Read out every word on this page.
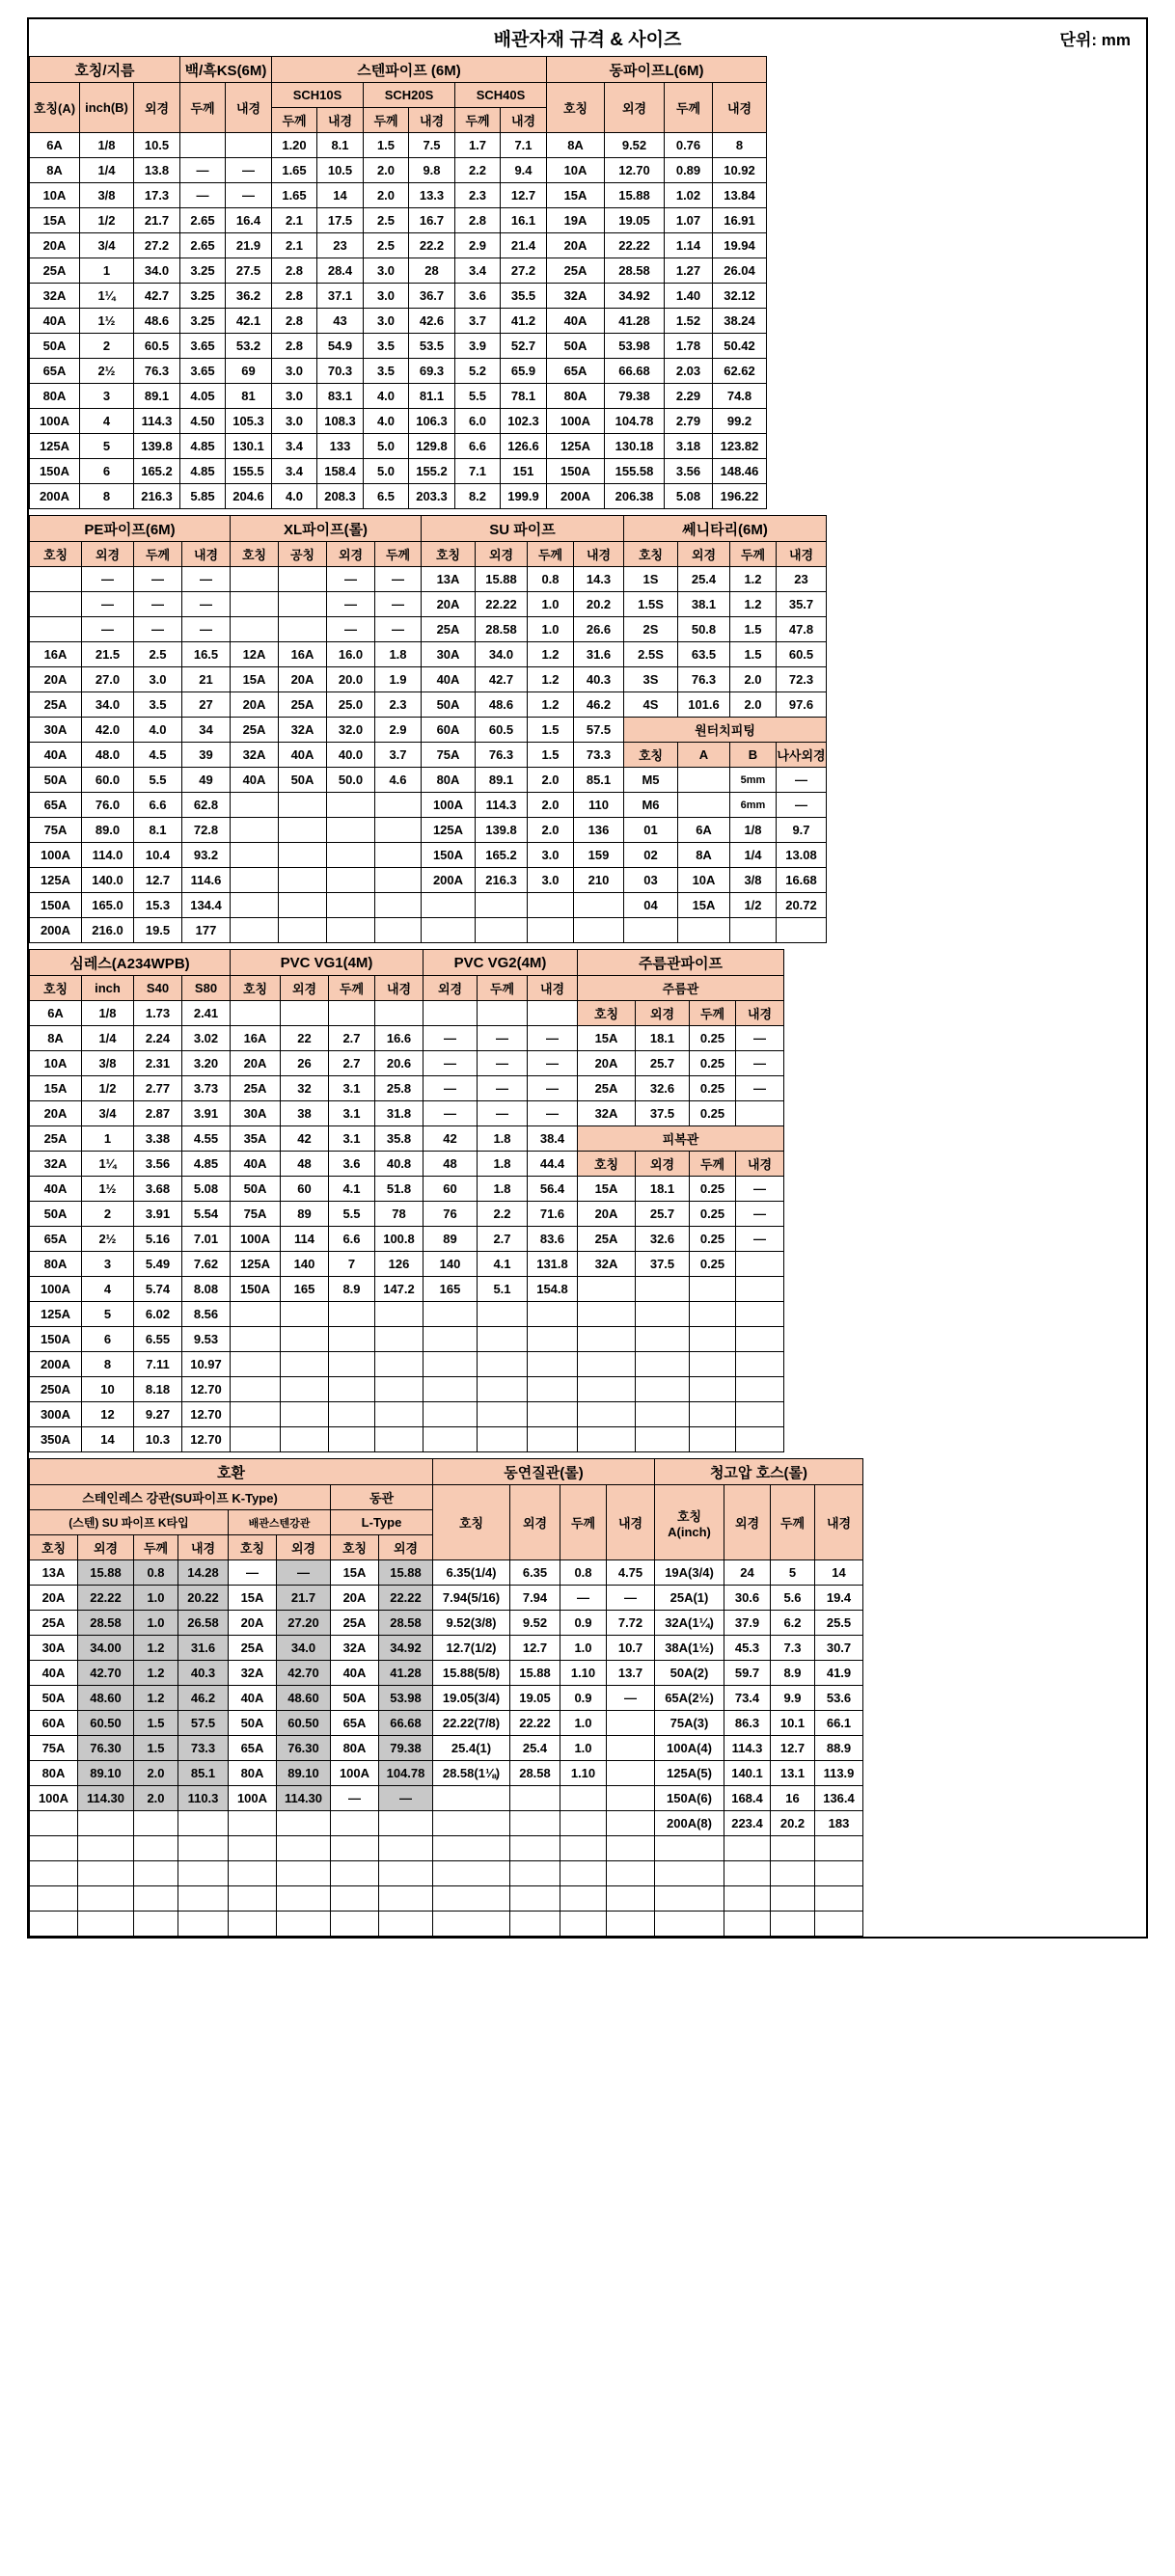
배관자재 규격 & 사이즈	단위: mm
호칭/지름			백/흑KS(6M)		스텐파이프 (6M)						동파이프L(6M)			
호칭(A)	inch(B)	외경	두께	내경	SCH10S		SCH20S		SCH40S		호칭	외경	두께	내경
					두께	내경	두께	내경	두께	내경				
6A	1/8	10.5			1.20	8.1	1.5	7.5	1.7	7.1	8A	9.52	0.76	8
8A	1/4	13.8	—	—	1.65	10.5	2.0	9.8	2.2	9.4	10A	12.70	0.89	10.92
10A	3/8	17.3	—	—	1.65	14	2.0	13.3	2.3	12.7	15A	15.88	1.02	13.84
15A	1/2	21.7	2.65	16.4	2.1	17.5	2.5	16.7	2.8	16.1	19A	19.05	1.07	16.91
20A	3/4	27.2	2.65	21.9	2.1	23	2.5	22.2	2.9	21.4	20A	22.22	1.14	19.94
25A	1	34.0	3.25	27.5	2.8	28.4	3.0	28	3.4	27.2	25A	28.58	1.27	26.04
32A	1¼	42.7	3.25	36.2	2.8	37.1	3.0	36.7	3.6	35.5	32A	34.92	1.40	32.12
40A	1½	48.6	3.25	42.1	2.8	43	3.0	42.6	3.7	41.2	40A	41.28	1.52	38.24
50A	2	60.5	3.65	53.2	2.8	54.9	3.5	53.5	3.9	52.7	50A	53.98	1.78	50.42
65A	2½	76.3	3.65	69	3.0	70.3	3.5	69.3	5.2	65.9	65A	66.68	2.03	62.62
80A	3	89.1	4.05	81	3.0	83.1	4.0	81.1	5.5	78.1	80A	79.38	2.29	74.8
100A	4	114.3	4.50	105.3	3.0	108.3	4.0	106.3	6.0	102.3	100A	104.78	2.79	99.2
125A	5	139.8	4.85	130.1	3.4	133	5.0	129.8	6.6	126.6	125A	130.18	3.18	123.82
150A	6	165.2	4.85	155.5	3.4	158.4	5.0	155.2	7.1	151	150A	155.58	3.56	148.46
200A	8	216.3	5.85	204.6	4.0	208.3	6.5	203.3	8.2	199.9	200A	206.38	5.08	196.22
PE파이프(6M)				XL파이프(롤)				SU 파이프				쎄니타리(6M)			
호칭	외경	두께	내경	호칭	공칭	외경	두께	호칭	외경	두께	내경	호칭	외경	두께	내경
	—	—	—			—	—	13A	15.88	0.8	14.3	1S	25.4	1.2	23
	—	—	—			—	—	20A	22.22	1.0	20.2	1.5S	38.1	1.2	35.7
	—	—	—			—	—	25A	28.58	1.0	26.6	2S	50.8	1.5	47.8
16A	21.5	2.5	16.5	12A	16A	16.0	1.8	30A	34.0	1.2	31.6	2.5S	63.5	1.5	60.5
20A	27.0	3.0	21	15A	20A	20.0	1.9	40A	42.7	1.2	40.3	3S	76.3	2.0	72.3
25A	34.0	3.5	27	20A	25A	25.0	2.3	50A	48.6	1.2	46.2	4S	101.6	2.0	97.6
30A	42.0	4.0	34	25A	32A	32.0	2.9	60A	60.5	1.5	57.5	원터치피팅			
40A	48.0	4.5	39	32A	40A	40.0	3.7	75A	76.3	1.5	73.3	호칭	A	B	나사외경
50A	60.0	5.5	49	40A	50A	50.0	4.6	80A	89.1	2.0	85.1	M5		5mm	—
65A	76.0	6.6	62.8					100A	114.3	2.0	110	M6		6mm	—
75A	89.0	8.1	72.8					125A	139.8	2.0	136	01	6A	1/8	9.7
100A	114.0	10.4	93.2					150A	165.2	3.0	159	02	8A	1/4	13.08
125A	140.0	12.7	114.6					200A	216.3	3.0	210	03	10A	3/8	16.68
150A	165.0	15.3	134.4									04	15A	1/2	20.72
200A	216.0	19.5	177												
심레스(A234WPB)				PVC VG1(4M)				PVC VG2(4M)			주름관파이프			
호칭	inch	S40	S80	호칭	외경	두께	내경	외경	두께	내경	주름관			
6A	1/8	1.73	2.41								호칭	외경	두께	내경
8A	1/4	2.24	3.02	16A	22	2.7	16.6	—	—	—	15A	18.1	0.25	—
10A	3/8	2.31	3.20	20A	26	2.7	20.6	—	—	—	20A	25.7	0.25	—
15A	1/2	2.77	3.73	25A	32	3.1	25.8	—	—	—	25A	32.6	0.25	—
20A	3/4	2.87	3.91	30A	38	3.1	31.8	—	—	—	32A	37.5	0.25	
25A	1	3.38	4.55	35A	42	3.1	35.8	42	1.8	38.4	피복관			
32A	1¼	3.56	4.85	40A	48	3.6	40.8	48	1.8	44.4	호칭	외경	두께	내경
40A	1½	3.68	5.08	50A	60	4.1	51.8	60	1.8	56.4	15A	18.1	0.25	—
50A	2	3.91	5.54	75A	89	5.5	78	76	2.2	71.6	20A	25.7	0.25	—
65A	2½	5.16	7.01	100A	114	6.6	100.8	89	2.7	83.6	25A	32.6	0.25	—
80A	3	5.49	7.62	125A	140	7	126	140	4.1	131.8	32A	37.5	0.25	
100A	4	5.74	8.08	150A	165	8.9	147.2	165	5.1	154.8				
125A	5	6.02	8.56											
150A	6	6.55	9.53											
200A	8	7.11	10.97											
250A	10	8.18	12.70											
300A	12	9.27	12.70											
350A	14	10.3	12.70											
호환								동연질관(롤)				청고압 호스(롤)			
스테인레스 강관(SU파이프 K-Type)						동관		호칭	외경	두께	내경	호칭 A(inch)	외경	두께	내경
(스텐) SU 파이프 K타입				배관스텐강관		L-Type									
호칭	외경	두께	내경	호칭	외경	호칭	외경								
13A	15.88	0.8	14.28	—	—	15A	15.88	6.35(1/4)	6.35	0.8	4.75	19A(3/4)	24	5	14
20A	22.22	1.0	20.22	15A	21.7	20A	22.22	7.94(5/16)	7.94	—	—	25A(1)	30.6	5.6	19.4
25A	28.58	1.0	26.58	20A	27.20	25A	28.58	9.52(3/8)	9.52	0.9	7.72	32A(1¼)	37.9	6.2	25.5
30A	34.00	1.2	31.6	25A	34.0	32A	34.92	12.7(1/2)	12.7	1.0	10.7	38A(1½)	45.3	7.3	30.7
40A	42.70	1.2	40.3	32A	42.70	40A	41.28	15.88(5/8)	15.88	1.10	13.7	50A(2)	59.7	8.9	41.9
50A	48.60	1.2	46.2	40A	48.60	50A	53.98	19.05(3/4)	19.05	0.9	—	65A(2½)	73.4	9.9	53.6
60A	60.50	1.5	57.5	50A	60.50	65A	66.68	22.22(7/8)	22.22	1.0		75A(3)	86.3	10.1	66.1
75A	76.30	1.5	73.3	65A	76.30	80A	79.38	25.4(1)	25.4	1.0		100A(4)	114.3	12.7	88.9
80A	89.10	2.0	85.1	80A	89.10	100A	104.78	28.58(1⅛)	28.58	1.10		125A(5)	140.1	13.1	113.9
100A	114.30	2.0	110.3	100A	114.30	—	—					150A(6)	168.4	16	136.4
												200A(8)	223.4	20.2	183
